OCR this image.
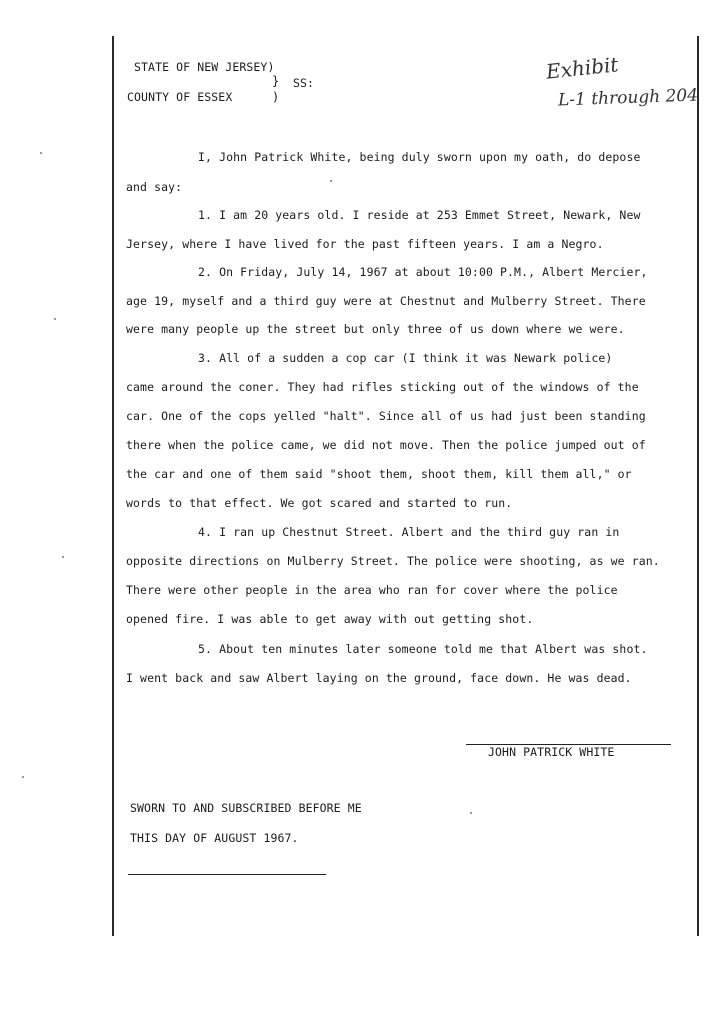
STATE OF NEW JERSEY)
COUNTY OF ESSEX
}
)
SS:	Exhibit
L-1 through 204
I, John Patrick White, being duly sworn upon my oath, do depose
and say:
1. I am 20 years old. I reside at 253 Emmet Street, Newark, New
Jersey, where I have lived for the past fifteen years. I am a Negro.
2. On Friday, July 14, 1967 at about 10:00 P.M., Albert Mercier,
age 19, myself and a third guy were at Chestnut and Mulberry Street. There
were many people up the street but only three of us down where we were.
3. All of a sudden a cop car (I think it was Newark police)
came around the coner. They had rifles sticking out of the windows of the
car. One of the cops yelled "halt". Since all of us had just been standing
there when the police came, we did not move. Then the police jumped out of
the car and one of them said "shoot them, shoot them, kill them all," or
words to that effect. We got scared and started to run.
4. I ran up Chestnut Street. Albert and the third guy ran in
opposite directions on Mulberry Street. The police were shooting, as we ran.
There were other people in the area who ran for cover where the police
opened fire. I was able to get away with out getting shot.
5. About ten minutes later someone told me that Albert was shot.
I went back and saw Albert laying on the ground, face down. He was dead.
JOHN PATRICK WHITE
SWORN TO AND SUBSCRIBED BEFORE ME
THIS DAY OF AUGUST 1967.
